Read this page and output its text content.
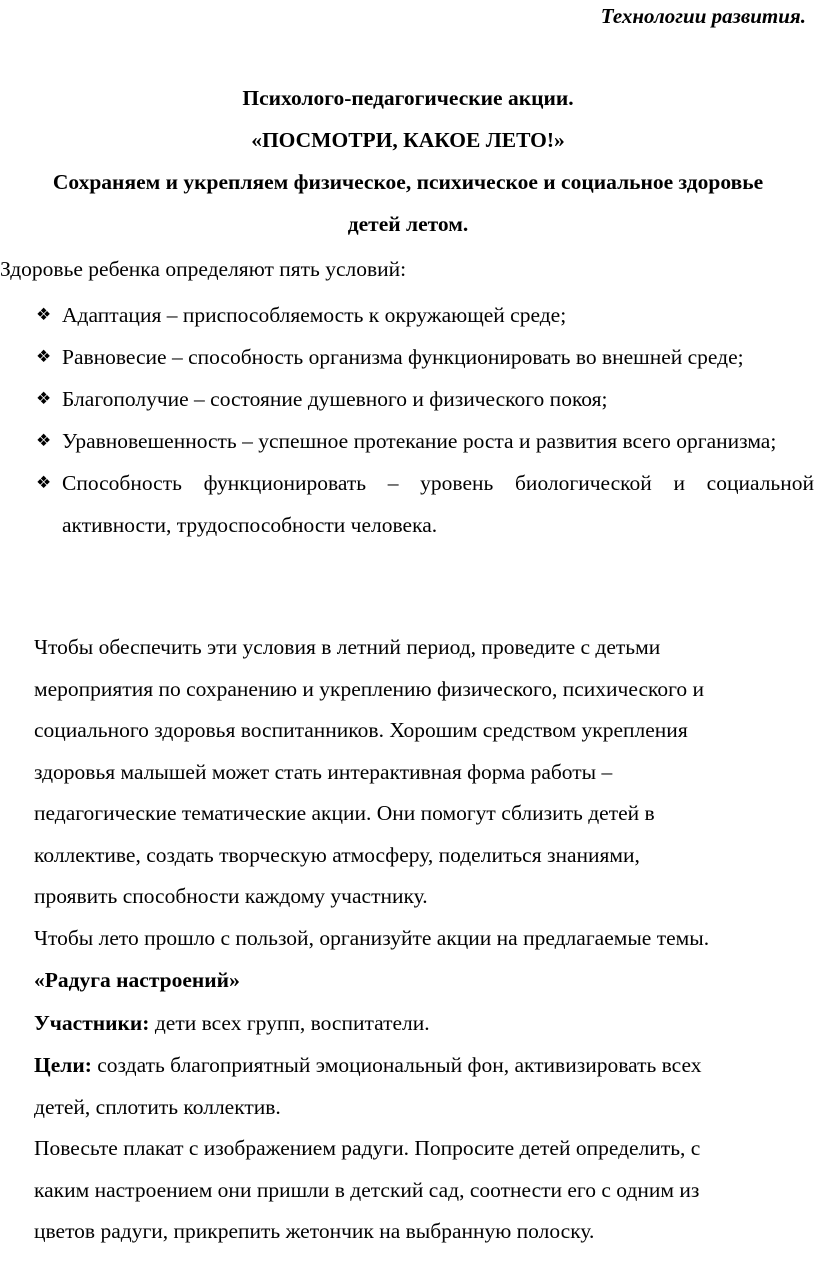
Технологии развития.
Психолого-педагогические акции.
«ПОСМОТРИ, КАКОЕ ЛЕТО!»
Сохраняем и укрепляем физическое, психическое и социальное здоровье
детей летом.
Здоровье ребенка определяют пять условий:
❖ Адаптация – приспособляемость к окружающей среде;
❖ Равновесие – способность организма функционировать во внешней среде;
❖ Благополучие – состояние душевного и физического покоя;
❖ Уравновешенность – успешное протекание роста и развития всего организма;
❖ Способность функционировать – уровень биологической и социальной активности, трудоспособности человека.
Чтобы обеспечить эти условия в летний период, проведите с детьми
мероприятия по сохранению и укреплению физического, психического и
социального здоровья воспитанников. Хорошим средством укрепления
здоровья малышей может стать интерактивная форма работы –
педагогические тематические акции. Они помогут сблизить детей в
коллективе, создать творческую атмосферу, поделиться знаниями,
проявить способности каждому участнику.
Чтобы лето прошло с пользой, организуйте акции на предлагаемые темы.
«Радуга настроений»
Участники: дети всех групп, воспитатели.
Цели: создать благоприятный эмоциональный фон, активизировать всех
детей, сплотить коллектив.
Повесьте плакат с изображением радуги. Попросите детей определить, с
каким настроением они пришли в детский сад, соотнести его с одним из
цветов радуги, прикрепить жетончик на выбранную полоску.
